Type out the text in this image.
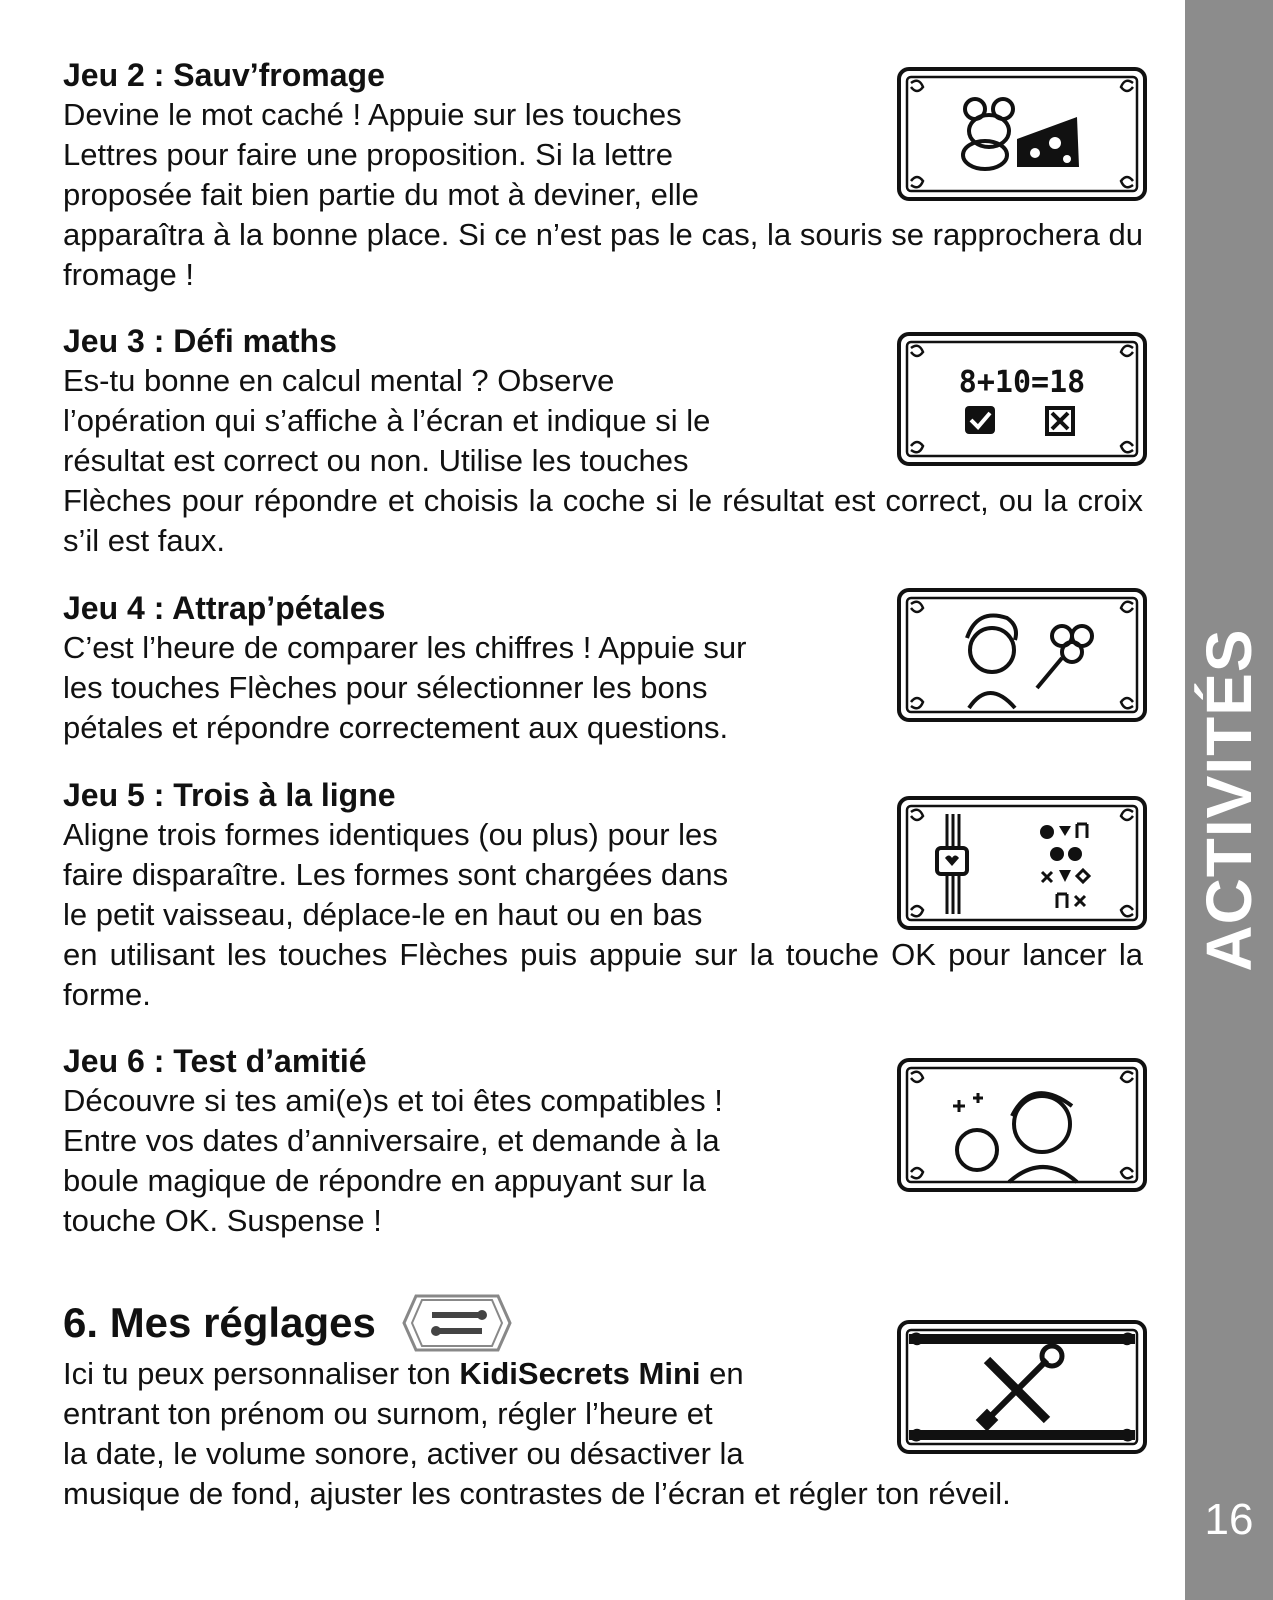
ACTIVITÉS
16

Jeu 2 : Sauv’fromage

Devine le mot caché ! Appuie sur les touches
Lettres pour faire une proposition. Si la lettre
proposée fait bien partie du mot à deviner, elle
apparaîtra à la bonne place. Si ce n’est pas le cas, la souris se rapprochera du fromage !

Jeu 3 : Défi maths

Es-tu bonne en calcul mental ? Observe
l’opération qui s’affiche à l’écran et indique si le
résultat est correct ou non. Utilise les touches
Flèches pour répondre et choisis la coche si le résultat est correct, ou la croix s’il est faux.

8+10=18

Jeu 4 : Attrap’pétales

C’est l’heure de comparer les chiffres ! Appuie sur
les touches Flèches pour sélectionner les bons
pétales et répondre correctement aux questions.

Jeu 5 : Trois à la ligne

Aligne trois formes identiques (ou plus) pour les
faire disparaître. Les formes sont chargées dans
le petit vaisseau, déplace-le en haut ou en bas
en utilisant les touches Flèches puis appuie sur la touche OK pour lancer la forme.

Jeu 6 : Test d’amitié

Découvre si tes ami(e)s et toi êtes compatibles !
Entre vos dates d’anniversaire, et demande à la
boule magique de répondre en appuyant sur la
touche OK. Suspense !

6. Mes réglages

Ici tu peux personnaliser ton KidiSecrets Mini en
entrant ton prénom ou surnom, régler l’heure et
la date, le volume sonore, activer ou désactiver la
musique de fond, ajuster les contrastes de l’écran et régler ton réveil.
